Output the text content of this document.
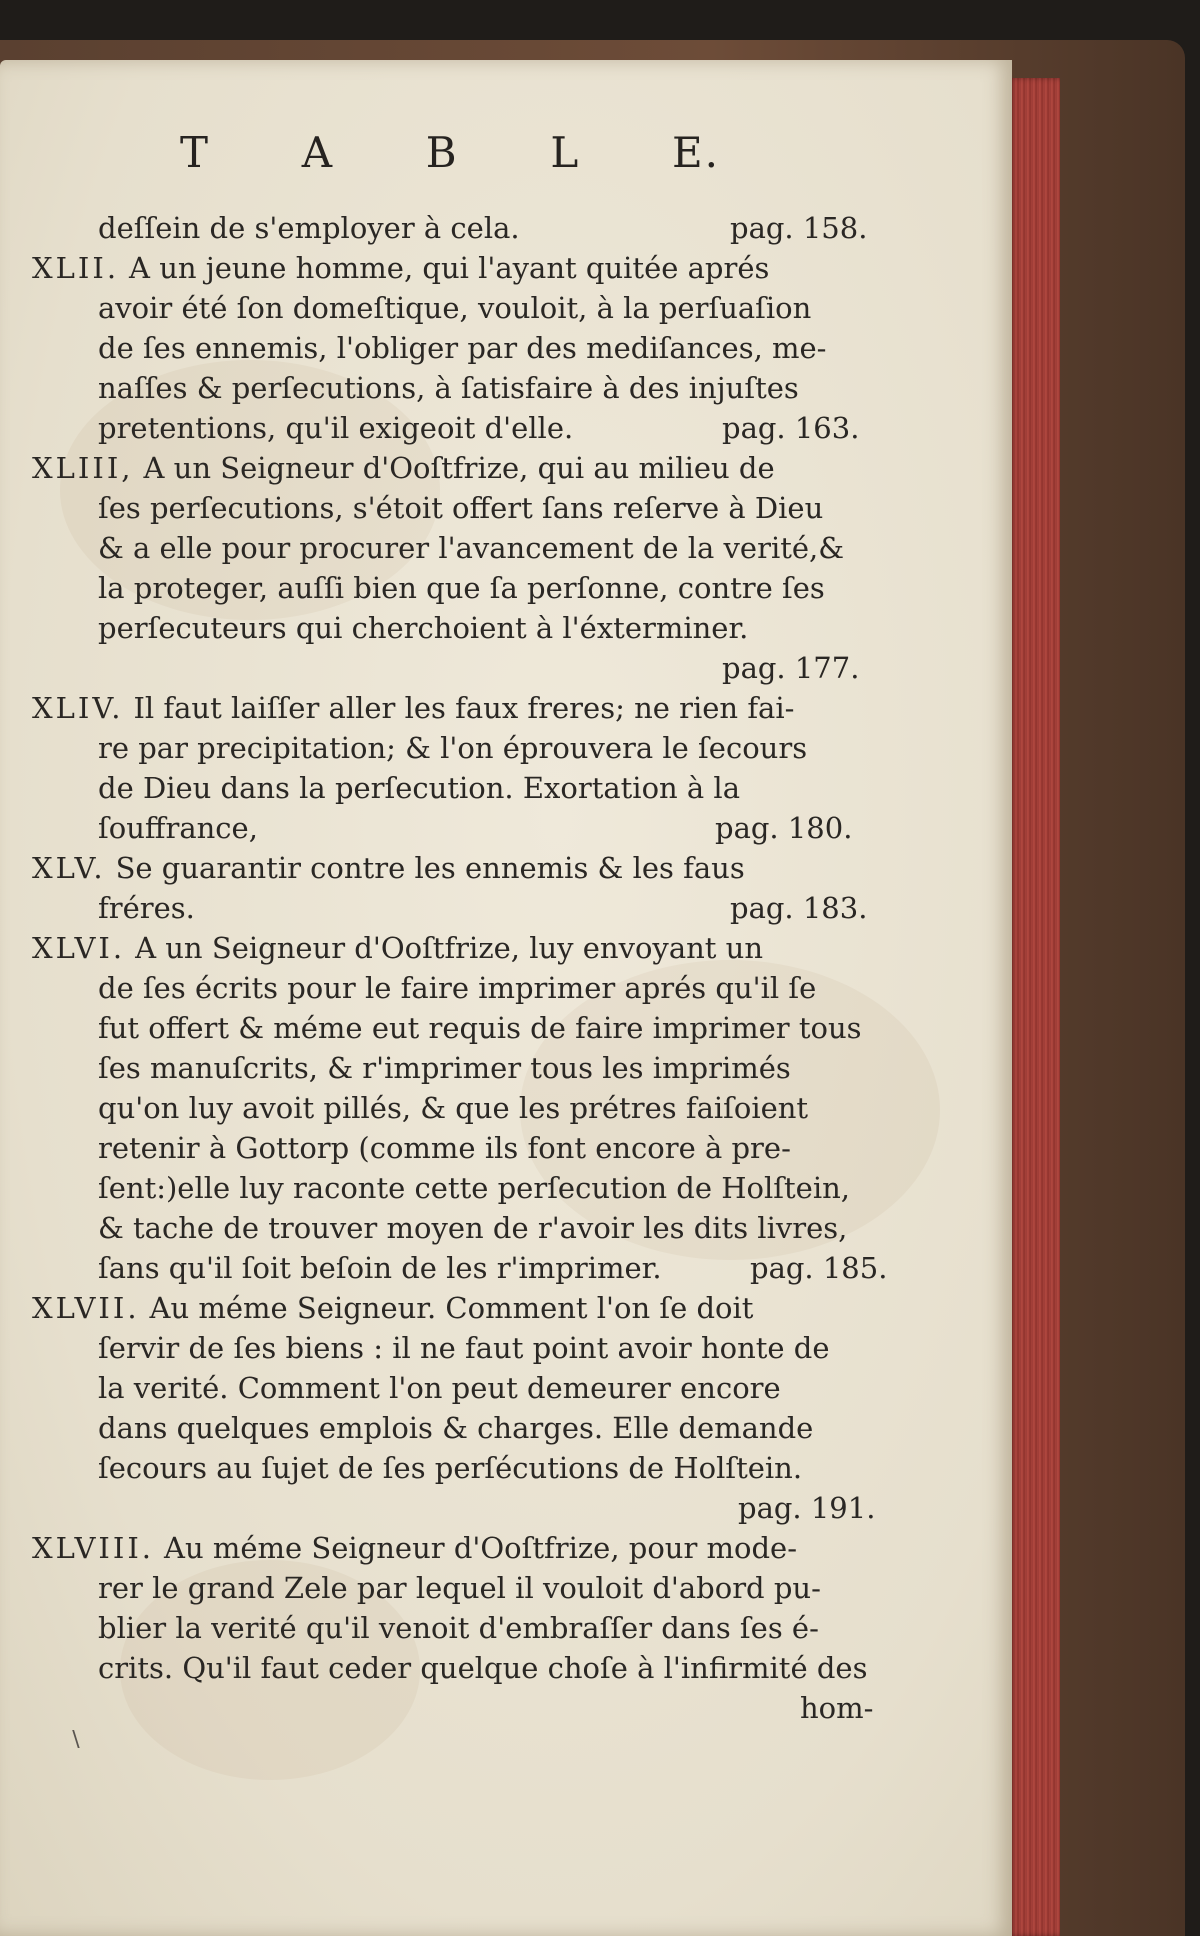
T A B L E.
deſſein de s'employer à cela.	pag. 158.
XLII. A un jeune homme, qui l'ayant quitée aprés
avoir été ſon domeſtique, vouloit, à la perſuaſion
de ſes ennemis, l'obliger par des mediſances, me-
naſſes & perſecutions, à ſatisfaire à des injuſtes
pretentions, qu'il exigeoit d'elle.	pag. 163.
XLIII, A un Seigneur d'Ooſtfrize, qui au milieu de
ſes perſecutions, s'étoit offert ſans reſerve à Dieu
& a elle pour procurer l'avancement de la verité,&
la proteger, auſſi bien que ſa perſonne, contre ſes
perſecuteurs qui cherchoient à l'éxterminer.
pag. 177.
XLIV. Il faut laiſſer aller les faux freres; ne rien fai-
re par precipitation; & l'on éprouvera le ſecours
de Dieu dans la perſecution. Exortation à la
ſouffrance,	pag. 180.
XLV. Se guarantir contre les ennemis & les faus
fréres.	pag. 183.
XLVI. A un Seigneur d'Ooſtfrize, luy envoyant un
de ſes écrits pour le faire imprimer aprés qu'il ſe
fut offert & méme eut requis de faire imprimer tous
ſes manuſcrits, & r'imprimer tous les imprimés
qu'on luy avoit pillés, & que les prétres faiſoient
retenir à Gottorp (comme ils font encore à pre-
ſent:)elle luy raconte cette perſecution de Holſtein,
& tache de trouver moyen de r'avoir les dits livres,
ſans qu'il ſoit beſoin de les r'imprimer.	pag. 185.
XLVII. Au méme Seigneur. Comment l'on ſe doit
ſervir de ſes biens : il ne faut point avoir honte de
la verité. Comment l'on peut demeurer encore
dans quelques emplois & charges. Elle demande
ſecours au ſujet de ſes perſécutions de Holſtein.
pag. 191.
XLVIII. Au méme Seigneur d'Ooſtfrize, pour mode-
rer le grand Zele par lequel il vouloit d'abord pu-
blier la verité qu'il venoit d'embraſſer dans ſes é-
crits. Qu'il faut ceder quelque choſe à l'infirmité des
hom-
∖
